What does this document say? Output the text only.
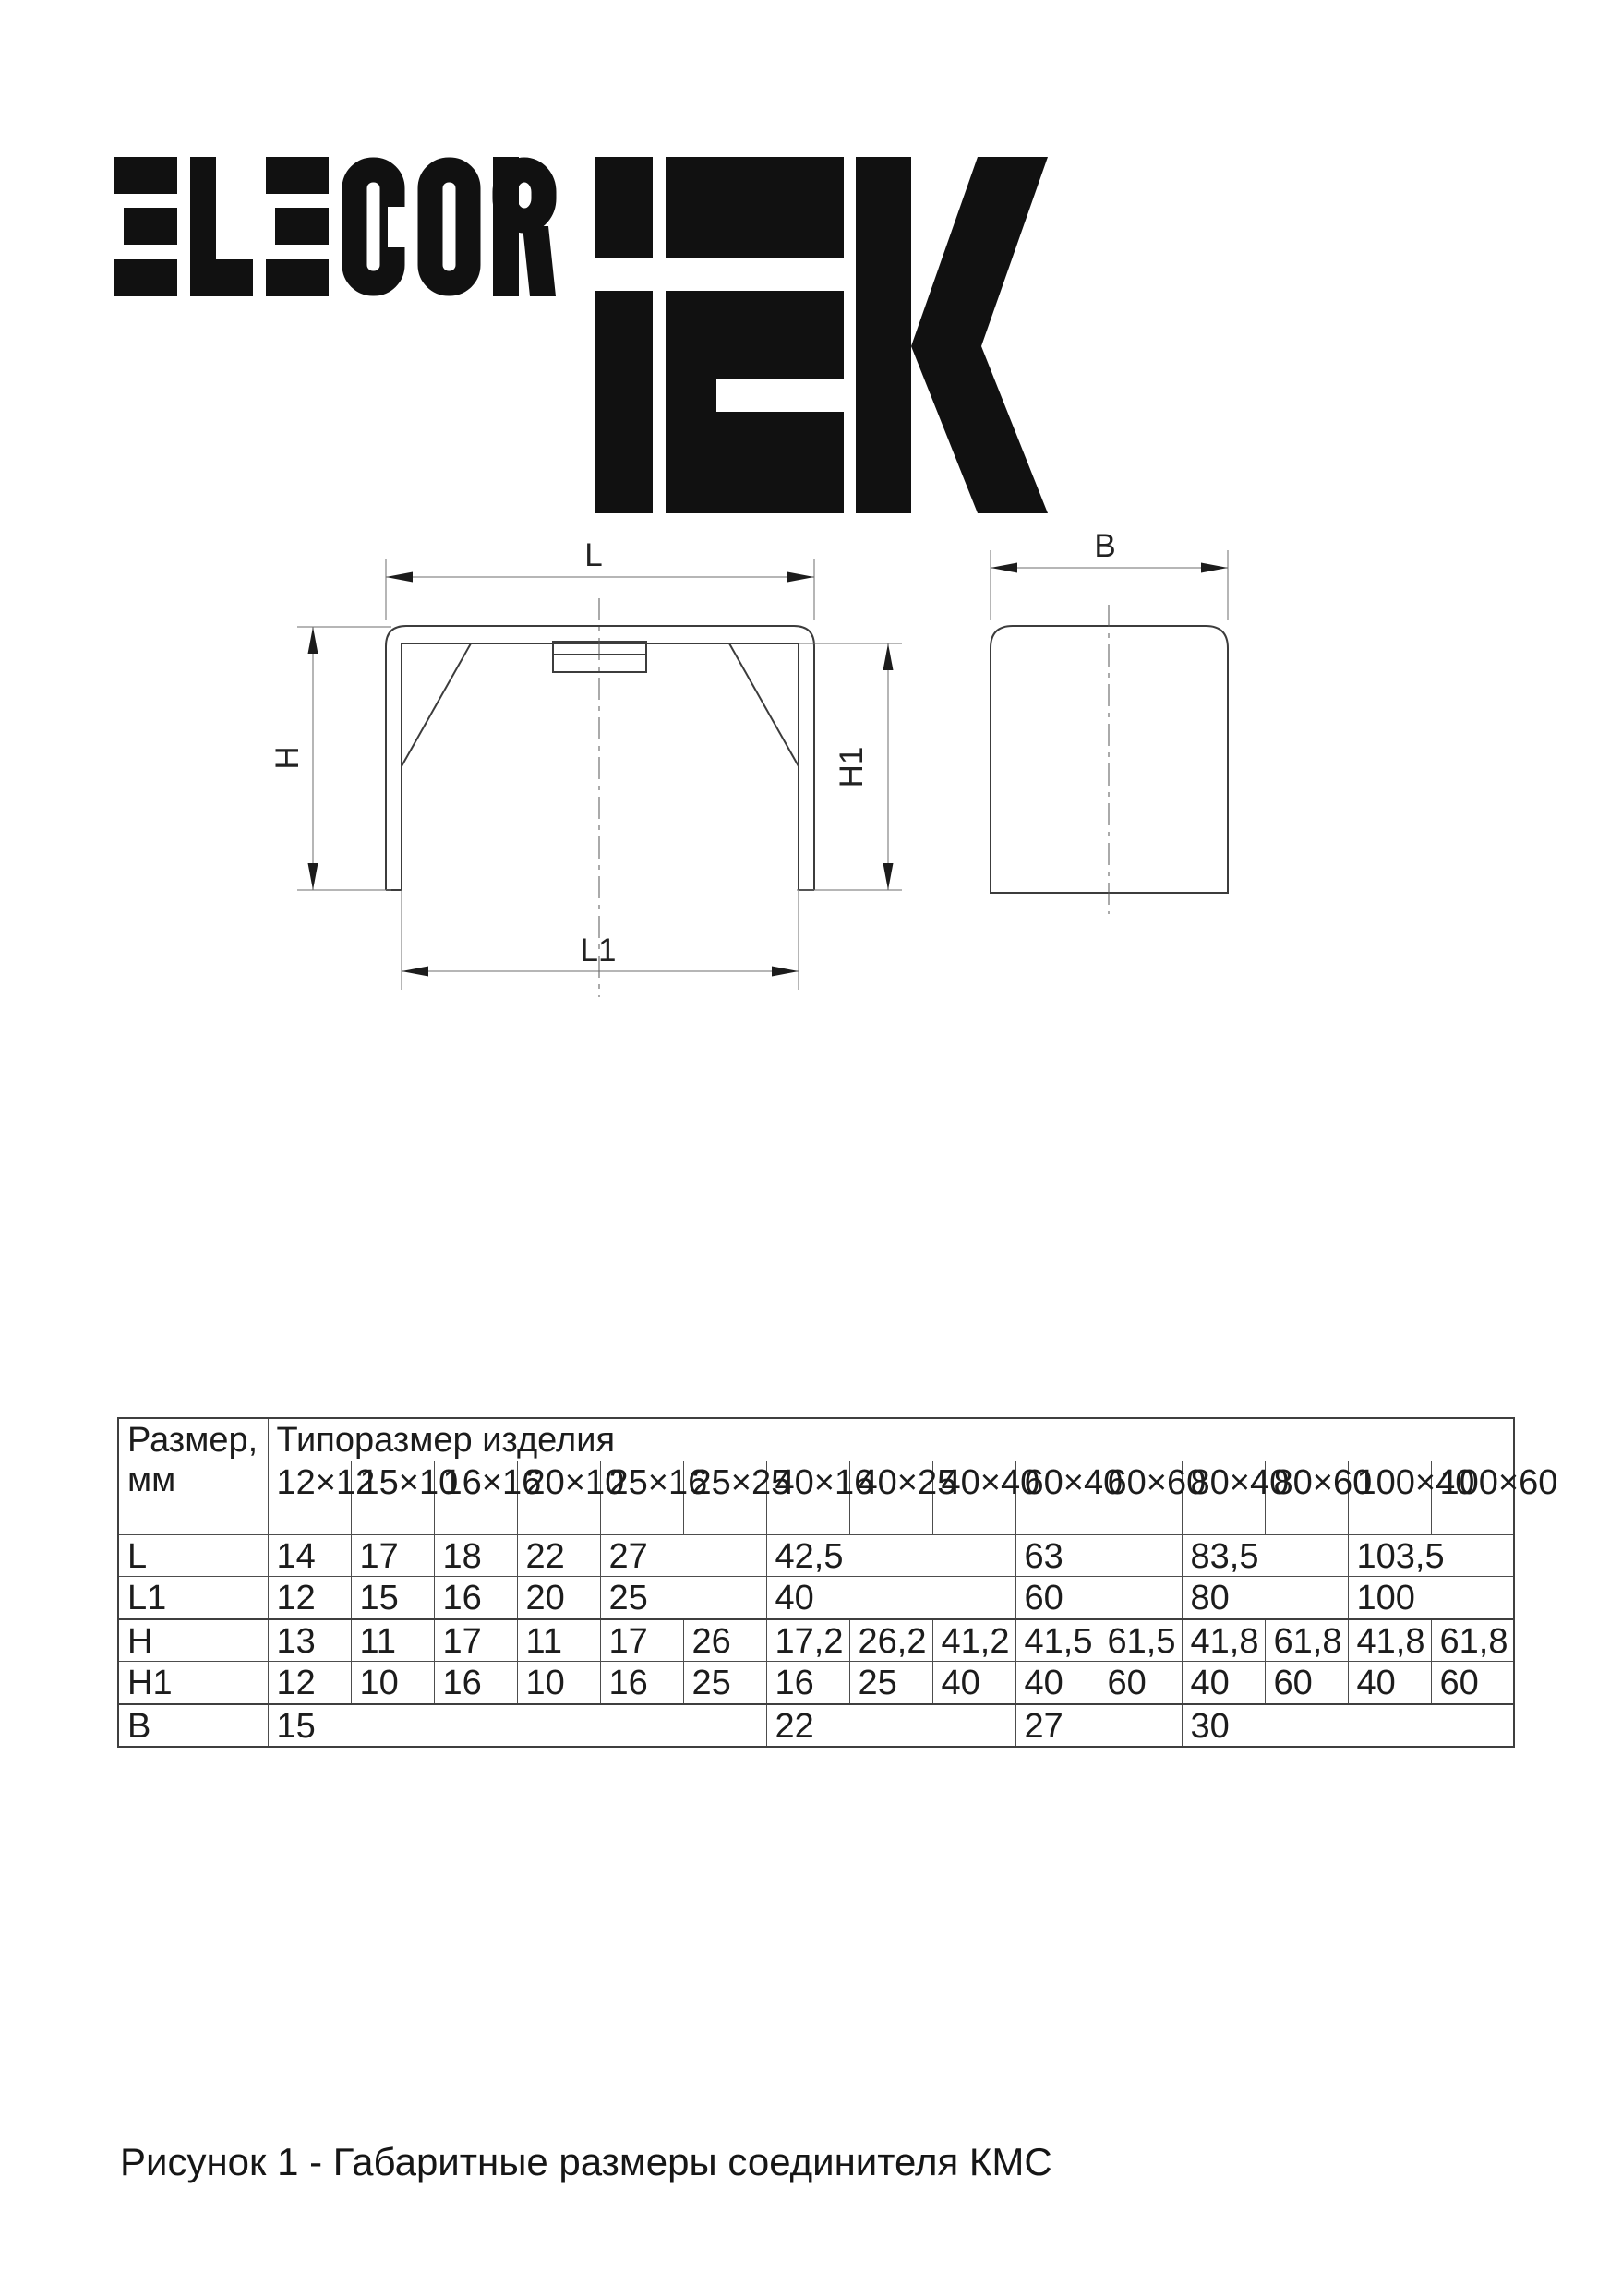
L
H	H1
L1
B
Размер,
мм	Типоразмер изделия														
	12×12	15×10	16×16	20×10	25×16	25×25	40×16	40×25	40×40	60×40	60×60	80×40	80×60	100×40	100×60
L	14	17	18	22	27		42,5			63		83,5		103,5	
L1	12	15	16	20	25		40			60		80		100	
H	13	11	17	11	17	26	17,2	26,2	41,2	41,5	61,5	41,8	61,8	41,8	61,8
H1	12	10	16	10	16	25	16	25	40	40	60	40	60	40	60
B	15						22			27		30			
Рисунок 1 - Габаритные размеры соединителя КМС
